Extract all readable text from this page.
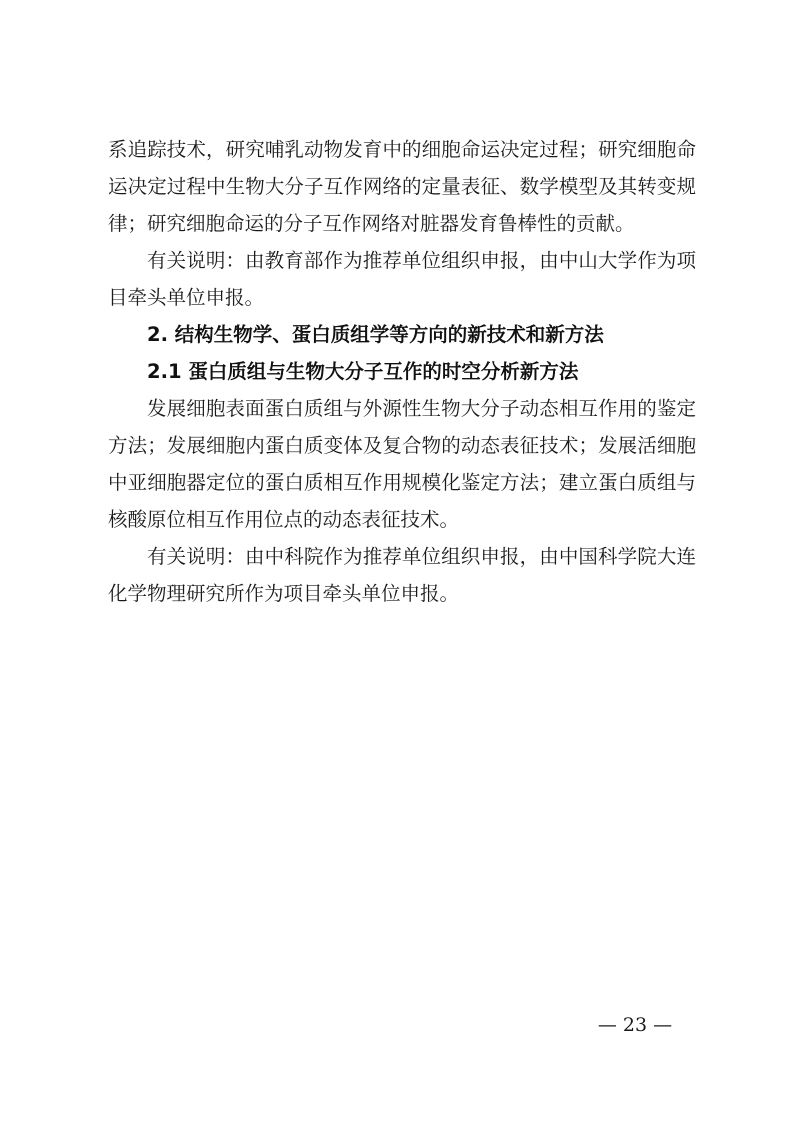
系追踪技术，研究哺乳动物发育中的细胞命运决定过程；研究细胞命运决定过程中生物大分子互作网络的定量表征、数学模型及其转变规律；研究细胞命运的分子互作网络对脏器发育鲁棒性的贡献。

有关说明：由教育部作为推荐单位组织申报，由中山大学作为项目牵头单位申报。

2. 结构生物学、蛋白质组学等方向的新技术和新方法

2.1 蛋白质组与生物大分子互作的时空分析新方法

发展细胞表面蛋白质组与外源性生物大分子动态相互作用的鉴定方法；发展细胞内蛋白质变体及复合物的动态表征技术；发展活细胞中亚细胞器定位的蛋白质相互作用规模化鉴定方法；建立蛋白质组与核酸原位相互作用位点的动态表征技术。

有关说明：由中科院作为推荐单位组织申报，由中国科学院大连化学物理研究所作为项目牵头单位申报。

— 23 —
